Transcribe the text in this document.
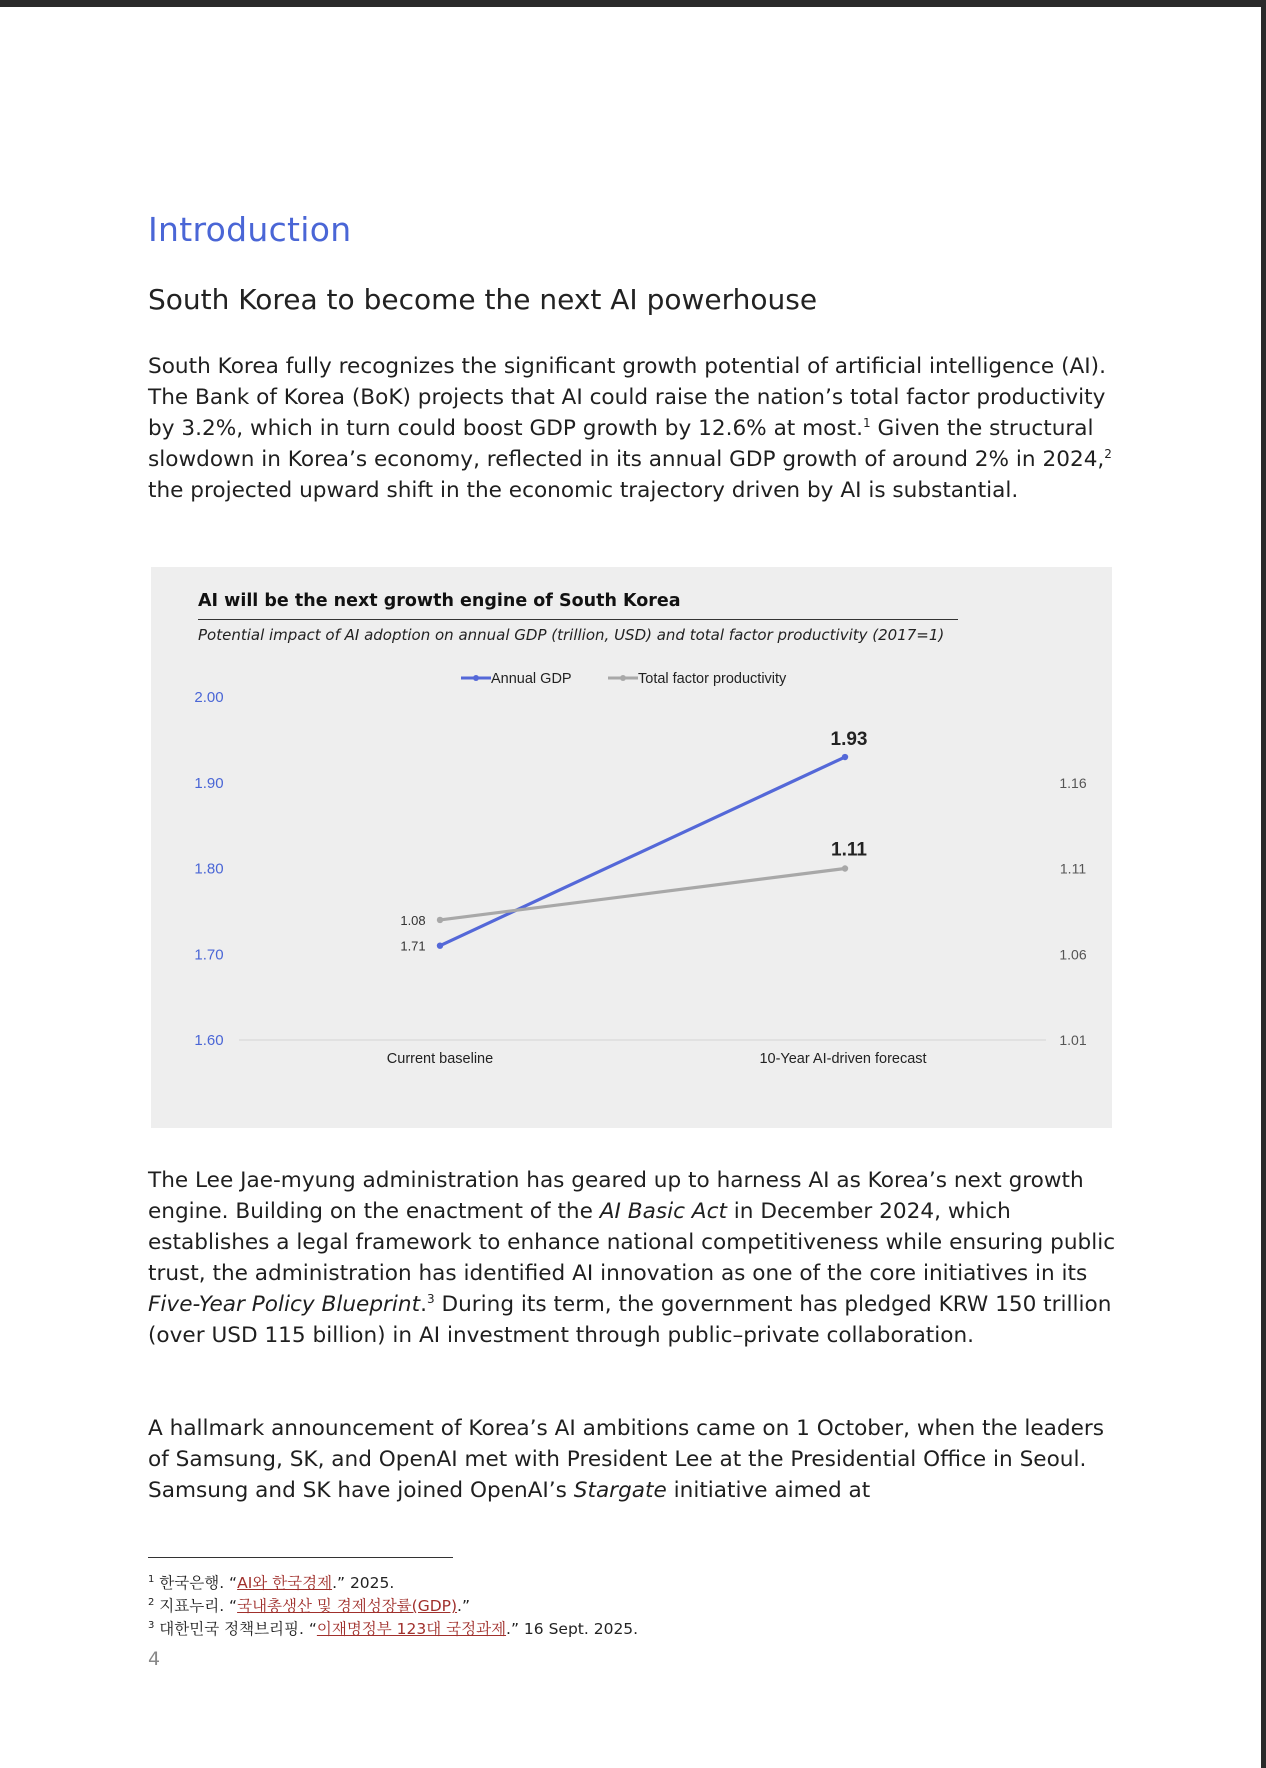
Introduction
South Korea to become the next AI powerhouse

South Korea fully recognizes the significant growth potential of artificial intelligence (AI). The Bank of Korea (BoK) projects that AI could raise the nation’s total factor productivity by 3.2%, which in turn could boost GDP growth by 12.6% at most.$^1$ Given the structural slowdown in Korea’s economy, reflected in its annual GDP growth of around 2% in 2024,$^2$ the projected upward shift in the economic trajectory driven by AI is substantial.

AI will be the next growth engine of South Korea

Potential impact of AI adoption on annual GDP (trillion, USD) and total factor productivity (2017=1)

1.60
1.70
1.80
1.90
2.00
1.01
1.06
1.11
1.16
Current baseline	10-Year AI-driven forecast
1.71
1.08
1.93
1.11
Annual GDP	Total factor productivity

The Lee Jae-myung administration has geared up to harness AI as Korea’s next growth engine. Building on the enactment of the AI Basic Act in December 2024, which establishes a legal framework to enhance national competitiveness while ensuring public trust, the administration has identified AI innovation as one of the core initiatives in its Five-Year Policy Blueprint.$^3$ During its term, the government has pledged KRW 150 trillion (over USD 115 billion) in AI investment through public–private collaboration.

A hallmark announcement of Korea’s AI ambitions came on 1 October, when the leaders of Samsung, SK, and OpenAI met with President Lee at the Presidential Office in Seoul. Samsung and SK have joined OpenAI’s Stargate initiative aimed at

$^1$ 한국은행. “AI와 한국경제.” 2025.
$^2$ 지표누리. “국내총생산 및 경제성장률(GDP).”
$^3$ 대한민국 정책브리핑. “이재명정부 123대 국정과제.” 16 Sept. 2025.
4
